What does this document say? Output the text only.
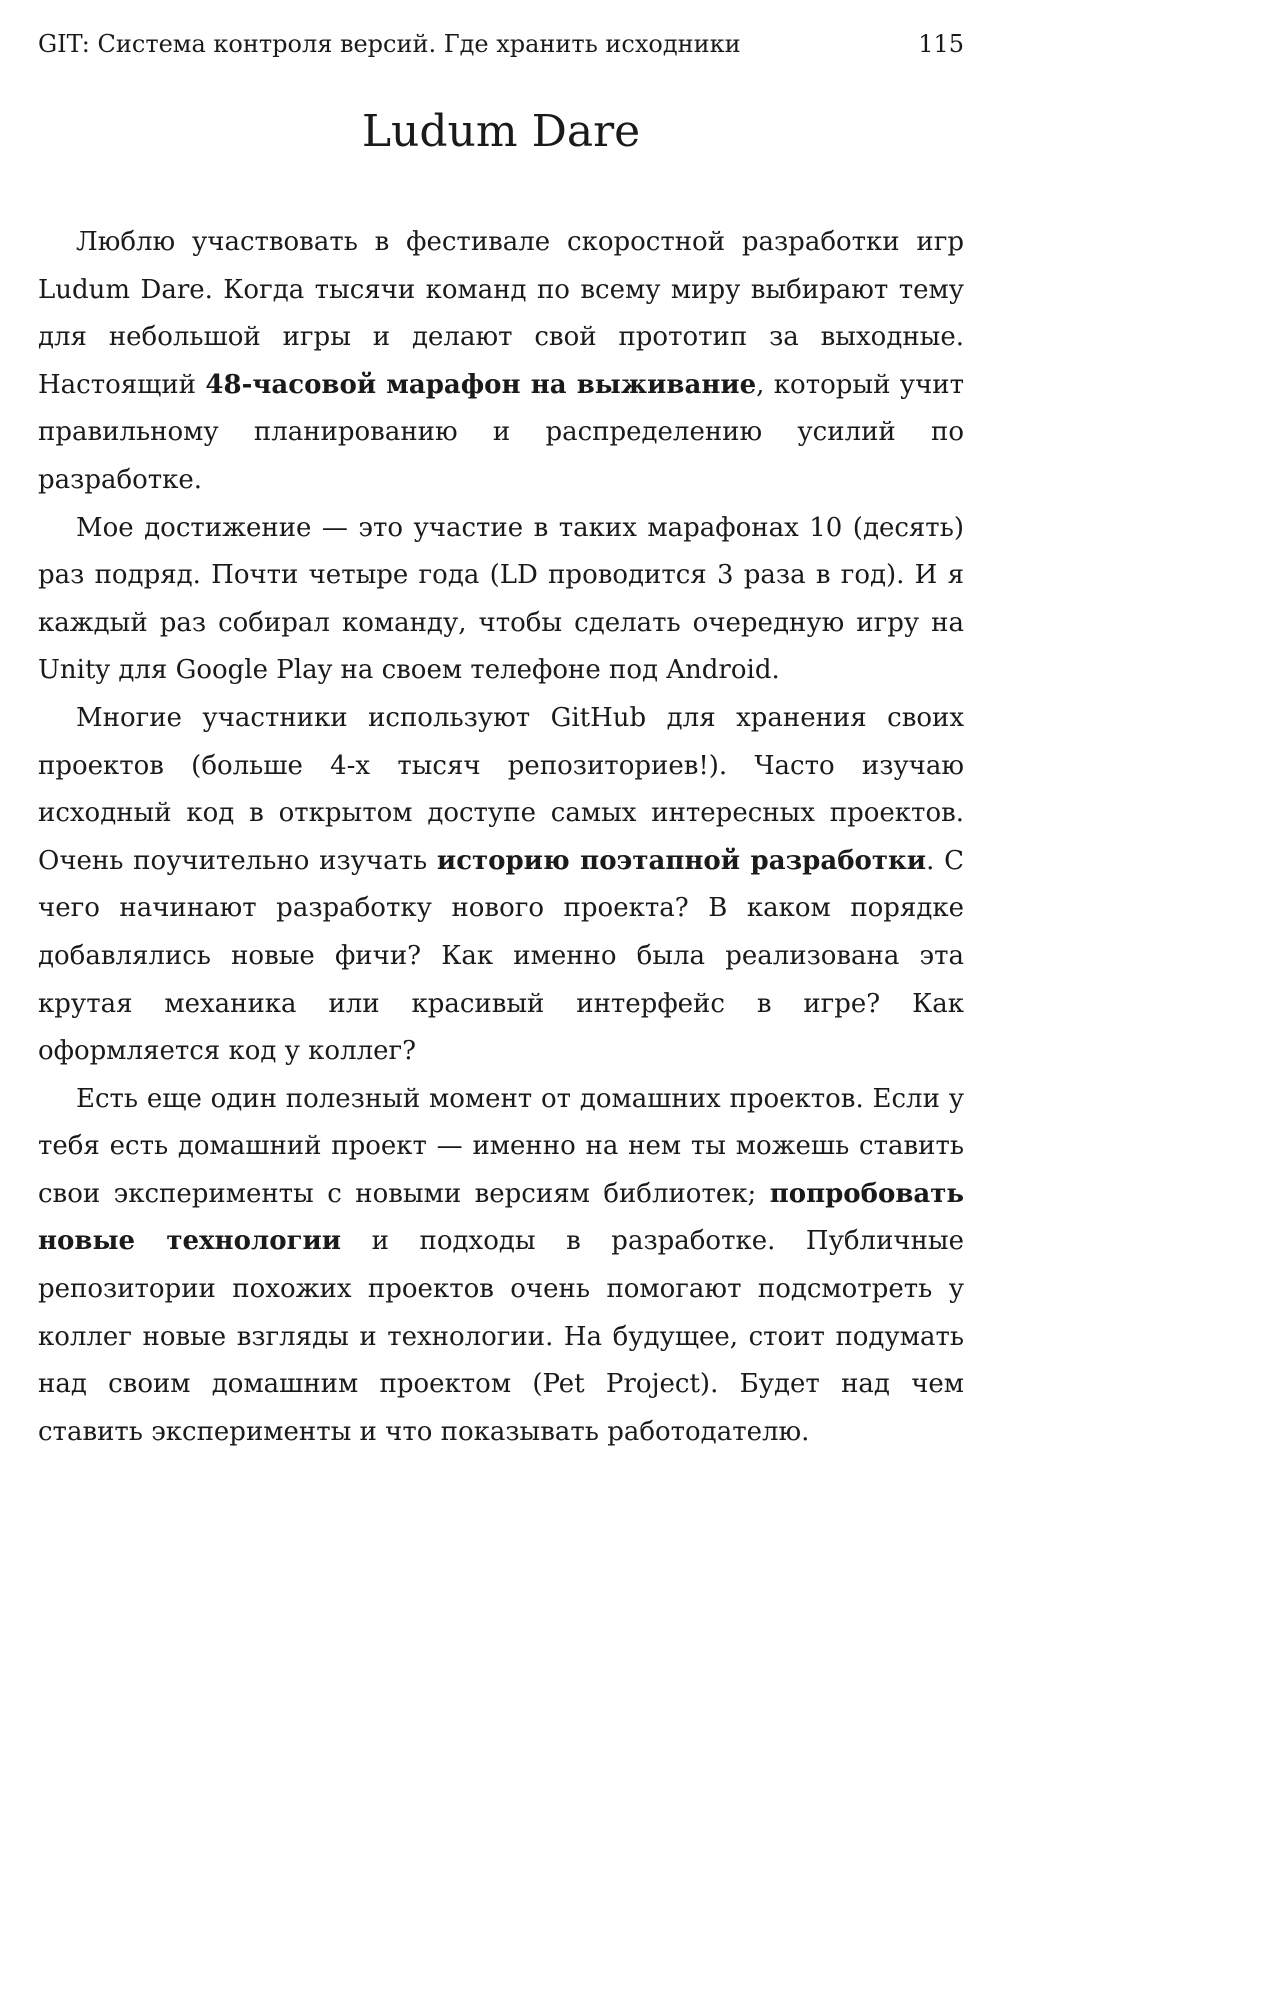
GIT: Система контроля версий. Где хранить исходники	115
Ludum Dare

Люблю участвовать в фестивале скоростной разработки игр Ludum Dare. Когда тысячи команд по всему миру выбирают тему для небольшой игры и делают свой прототип за выходные. Настоящий 48-часовой марафон на выживание, который учит правильному планированию и распределению усилий по разработке.

Мое достижение — это участие в таких марафонах 10 (десять) раз подряд. Почти четыре года (LD проводится 3 раза в год). И я каждый раз собирал команду, чтобы сделать очередную игру на Unity для Google Play на своем телефоне под Android.

Многие участники используют GitHub для хранения своих проектов (больше 4-х тысяч репозиториев!). Часто изучаю исходный код в открытом доступе самых интересных проектов. Очень поучительно изучать историю поэтапной разработки. С чего начинают разработку нового проекта? В каком порядке добавлялись новые фичи? Как именно была реализована эта крутая механика или красивый интерфейс в игре? Как оформляется код у коллег?

Есть еще один полезный момент от домашних проектов. Если у тебя есть домашний проект — именно на нем ты можешь ставить свои эксперименты с новыми версиям библиотек; попробовать новые технологии и подходы в разработке. Публичные репозитории похожих проектов очень помогают подсмотреть у коллег новые взгляды и технологии. На будущее, стоит подумать над своим домашним проектом (Pet Project). Будет над чем ставить эксперименты и что показывать работодателю.
